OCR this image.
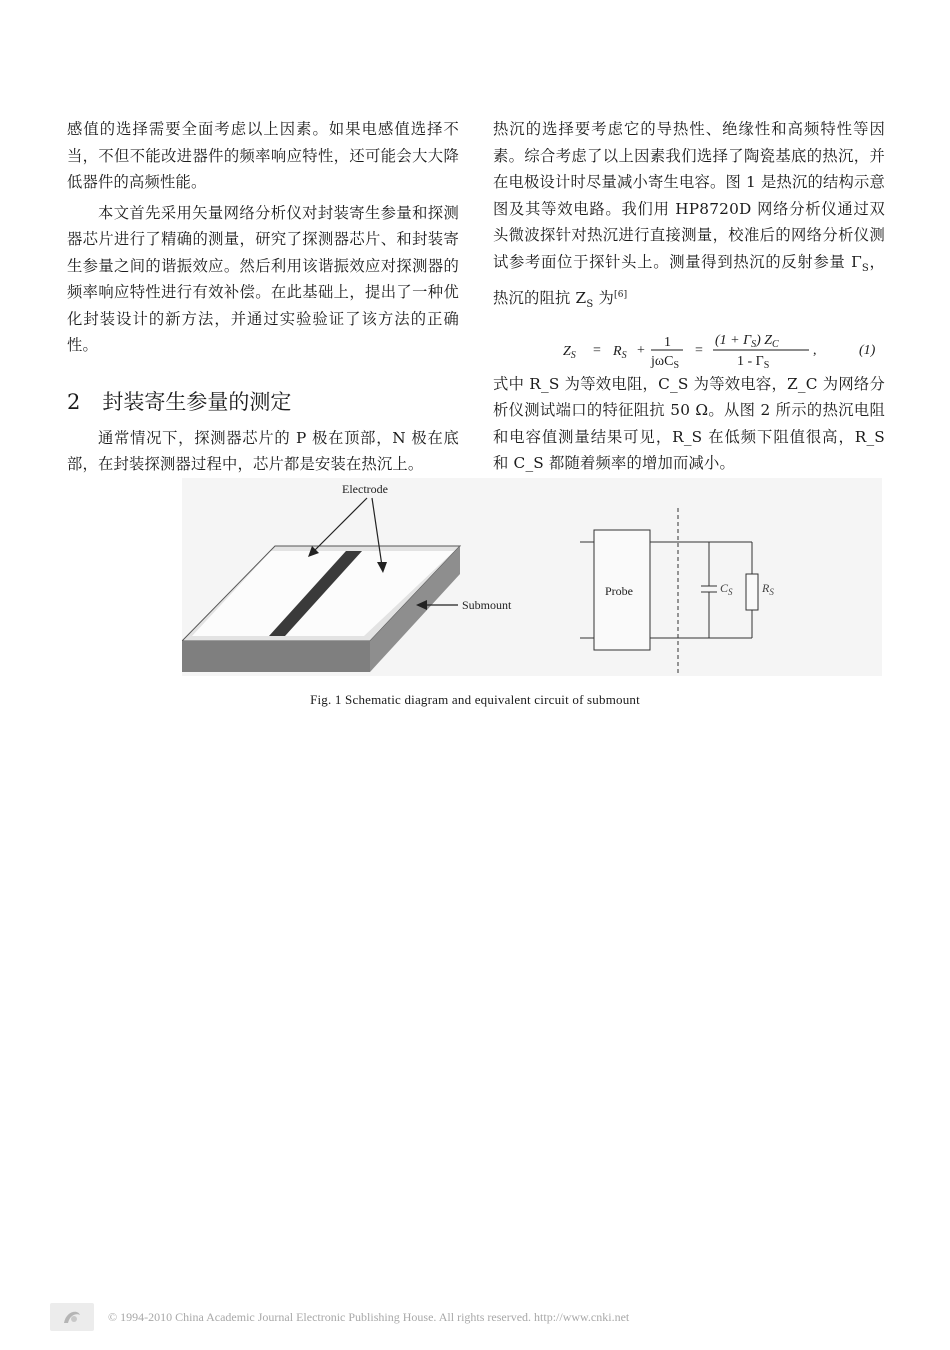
感值的选择需要全面考虑以上因素。如果电感值选择不当，不但不能改进器件的频率响应特性，还可能会大大降低器件的高频性能。

本文首先采用矢量网络分析仪对封装寄生参量和探测器芯片进行了精确的测量，研究了探测器芯片、和封装寄生参量之间的谐振效应。然后利用该谐振效应对探测器的频率响应特性进行有效补偿。在此基础上，提出了一种优化封装设计的新方法，并通过实验验证了该方法的正确性。

2 封装寄生参量的测定

通常情况下，探测器芯片的 P 极在顶部，N 极在底部，在封装探测器过程中，芯片都是安装在热沉上。

热沉的选择要考虑它的导热性、绝缘性和高频特性等因素。综合考虑了以上因素我们选择了陶瓷基底的热沉，并在电极设计时尽量减小寄生电容。图 1 是热沉的结构示意图及其等效电路。我们用 HP8720D 网络分析仪通过双头微波探针对热沉进行直接测量，校准后的网络分析仪测试参考面位于探针头上。测量得到热沉的反射参量 $\Gamma_S$，热沉的阻抗 $Z_S$ 为[6]

$Z_S = R_S$ +
1
jωC$_S$
=
$(1 + \Gamma_S)$ $Z_C$
$1 - \Gamma_S$
,	(1)

式中 R_S 为等效电阻，C_S 为等效电容，Z_C 为网络分析仪测试端口的特征阻抗 50 Ω。从图 2 所示的热沉电阻和电容值测量结果可见，R_S 在低频下阻值很高，R_S 和 C_S 都随着频率的增加而减小。

Electrode
Submount
Probe	$C_S$ $R_S$
Fig. 1 Schematic diagram and equivalent circuit of submount
© 1994-2010 China Academic Journal Electronic Publishing House. All rights reserved. http://www.cnki.net
